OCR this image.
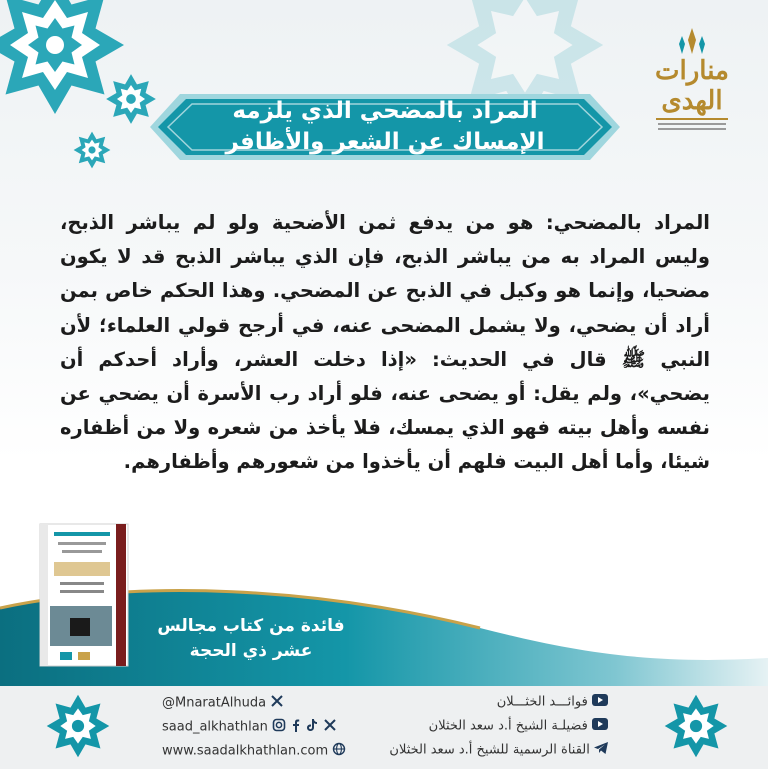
منارات الهدى
المراد بالمضحي الذي يلزمه
الإمساك عن الشعر والأظافر
المراد بالمضحي: هو من يدفع ثمن الأضحية ولو لم يباشر الذبح، وليس المراد به من يباشر الذبح، فإن الذي يباشر الذبح قد لا يكون مضحيا، وإنما هو وكيل في الذبح عن المضحي. وهذا الحكم خاص بمن أراد أن يضحي، ولا يشمل المضحى عنه، في أرجح قولي العلماء؛ لأن النبي ﷺ قال في الحديث: «إذا دخلت العشر، وأراد أحدكم أن يضحي»، ولم يقل: أو يضحى عنه، فلو أراد رب الأسرة أن يضحي عن نفسه وأهل بيته فهو الذي يمسك، فلا يأخذ من شعره ولا من أظفاره شيئا، وأما أهل البيت فلهم أن يأخذوا من شعورهم وأظفارهم.
فائدة من كتاب مجالس
عشر ذي الحجة
@MnaratAlhuda
saad_alkhathlan
www.saadalkhathlan.com
فوائـــد الخثـــلان
فضيلـة الشيخ أ.د سعد الخثلان
القناة الرسمية للشيخ أ.د سعد الخثلان
